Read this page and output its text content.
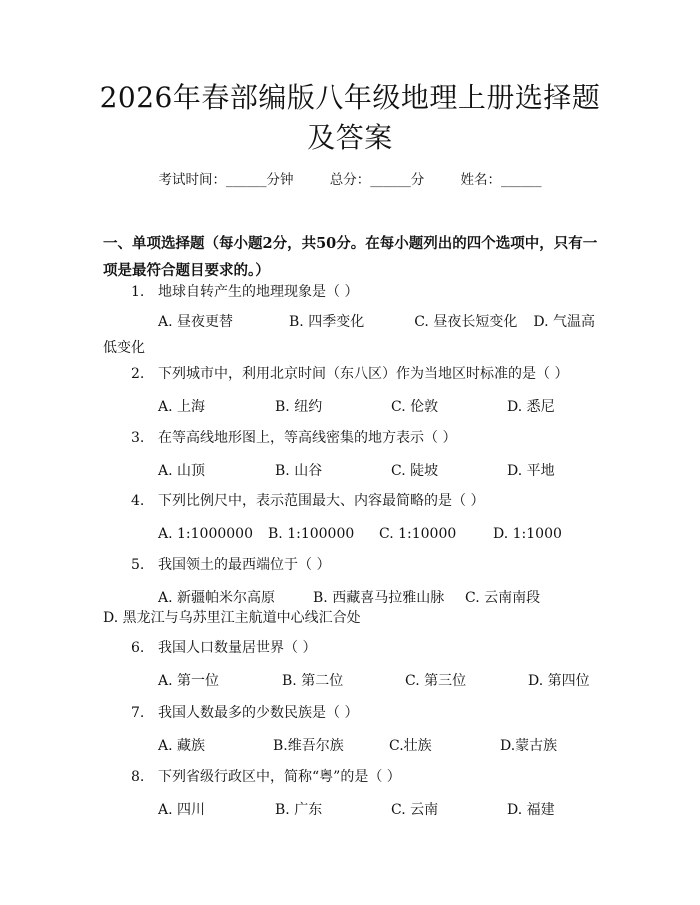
2026年春部编版八年级地理上册选择题及答案
考试时间：______分钟	总分：______分	姓名：______
一、单项选择题（每小题2分，共50分。在每小题列出的四个选项中，只有一项是最符合题目要求的。）
1. 地球自转产生的地理现象是（ ）
A. 昼夜更替	B. 四季变化	C. 昼夜长短变化 D. 气温高低变化
2. 下列城市中，利用北京时间（东八区）作为当地区时标准的是（ ）
A. 上海	B. 纽约	C. 伦敦	D. 悉尼
3. 在等高线地形图上，等高线密集的地方表示（ ）
A. 山顶	B. 山谷	C. 陡坡	D. 平地
4. 下列比例尺中，表示范围最大、内容最简略的是（ ）
A. 1:1000000 B. 1:100000 C. 1:10000	D. 1:1000
5. 我国领土的最西端位于（ ）
A. 新疆帕米尔高原	B. 西藏喜马拉雅山脉 C. 云南南段
D. 黑龙江与乌苏里江主航道中心线汇合处
6. 我国人口数量居世界（ ）
A. 第一位	B. 第二位	C. 第三位	D. 第四位
7. 我国人数最多的少数民族是（ ）
A. 藏族	B.维吾尔族	C.壮族	D.蒙古族
8. 下列省级行政区中，简称“粤”的是（ ）
A. 四川	B. 广东	C. 云南	D. 福建
